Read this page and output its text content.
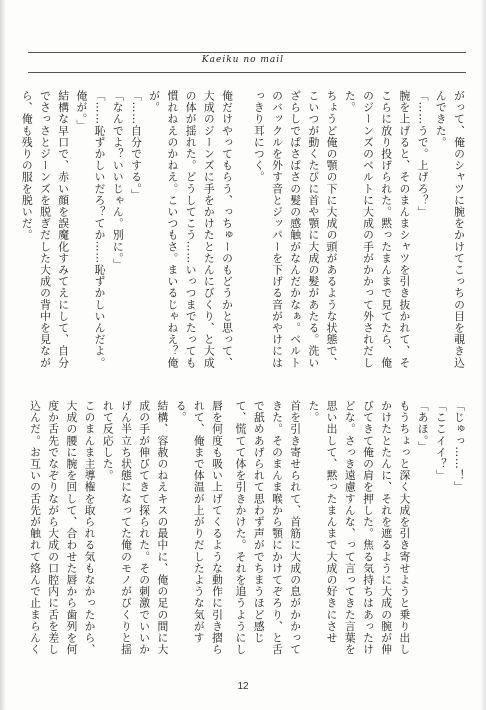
Kaeiku no mail

がって、俺のシャツに腕をかけてこっちの目を覗き込んできた。

「……うで。上げろ？」

腕を上げると、そのまんまシャツを引き抜かれて、そこらに放り投げられた。黙ったまんまで見てたら、俺のジーンズのベルトに大成の手がかかって外されだした。

ちょうど俺の顎の下に大成の頭があるような状態で、こいつが動くたびに首や顎に大成の髪があたる。洗いざらしでぱさぱさの髪の感触がなんだかなぁ。ベルトのバックルを外す音とジッパーを下げる音がやけにはっきり耳につく。

俺だけやってもらう、っちゅーのもどうかと思って、大成のジーンズに手をかけたとたんにびくり、と大成の体が揺れた。どうしてこう……いっつまでたっても慣れねえのかねえ。こいつもさ。まいるじゃねえ？俺が。

「……自分でする。」

「なんでよ？いいじゃん。別に。」

「……恥ずかしいだろ？てか……恥ずかしいんだよ。俺が。」

結構な早口で、赤い顔を誤魔化すみてえにして、自分でさっさとジーンズを脱ぎだした大成の背中を見ながら、俺も残りの服を脱いだ。

「じゅっ……！」

「ここイイ？」

「あほ。」

もうちょっと深く大成を引き寄せようと乗り出しかけたとたんに、それを遮るように大成の腕が伸びてきて俺の肩を押した。焦る気持ちはあったけどな。さっき遠慮すんな、って言ってきた言葉を思い出して、黙ったまんまで大成の好きにさせた。

首を引き寄せられて、首筋に大成の息がかかってきた。そのまんま喉から顎にかけてぞろり、と舌で舐めあげられて思わず声がでちまうほど感じて、慌てて体を引きかけた。それを追うようにし

唇を何度も吸い上げてくるような動作に引き摺られて、俺まで体温が上がりだしたような気がする。

結構、容赦のねえキスの最中に、俺の足の間に大成の手が伸びてきて探られた。その刺激でいいかげん半立ち状態になってた俺のモノがびくりと揺れて反応した。

このまんま主導権を取られる気もなかったから、大成の腰に腕を回して、合わせた唇から歯列を何度か舌先でなぞりながら大成の口腔内に舌を差し込んだ。お互いの舌先が触れて絡んで止まらんく

12
